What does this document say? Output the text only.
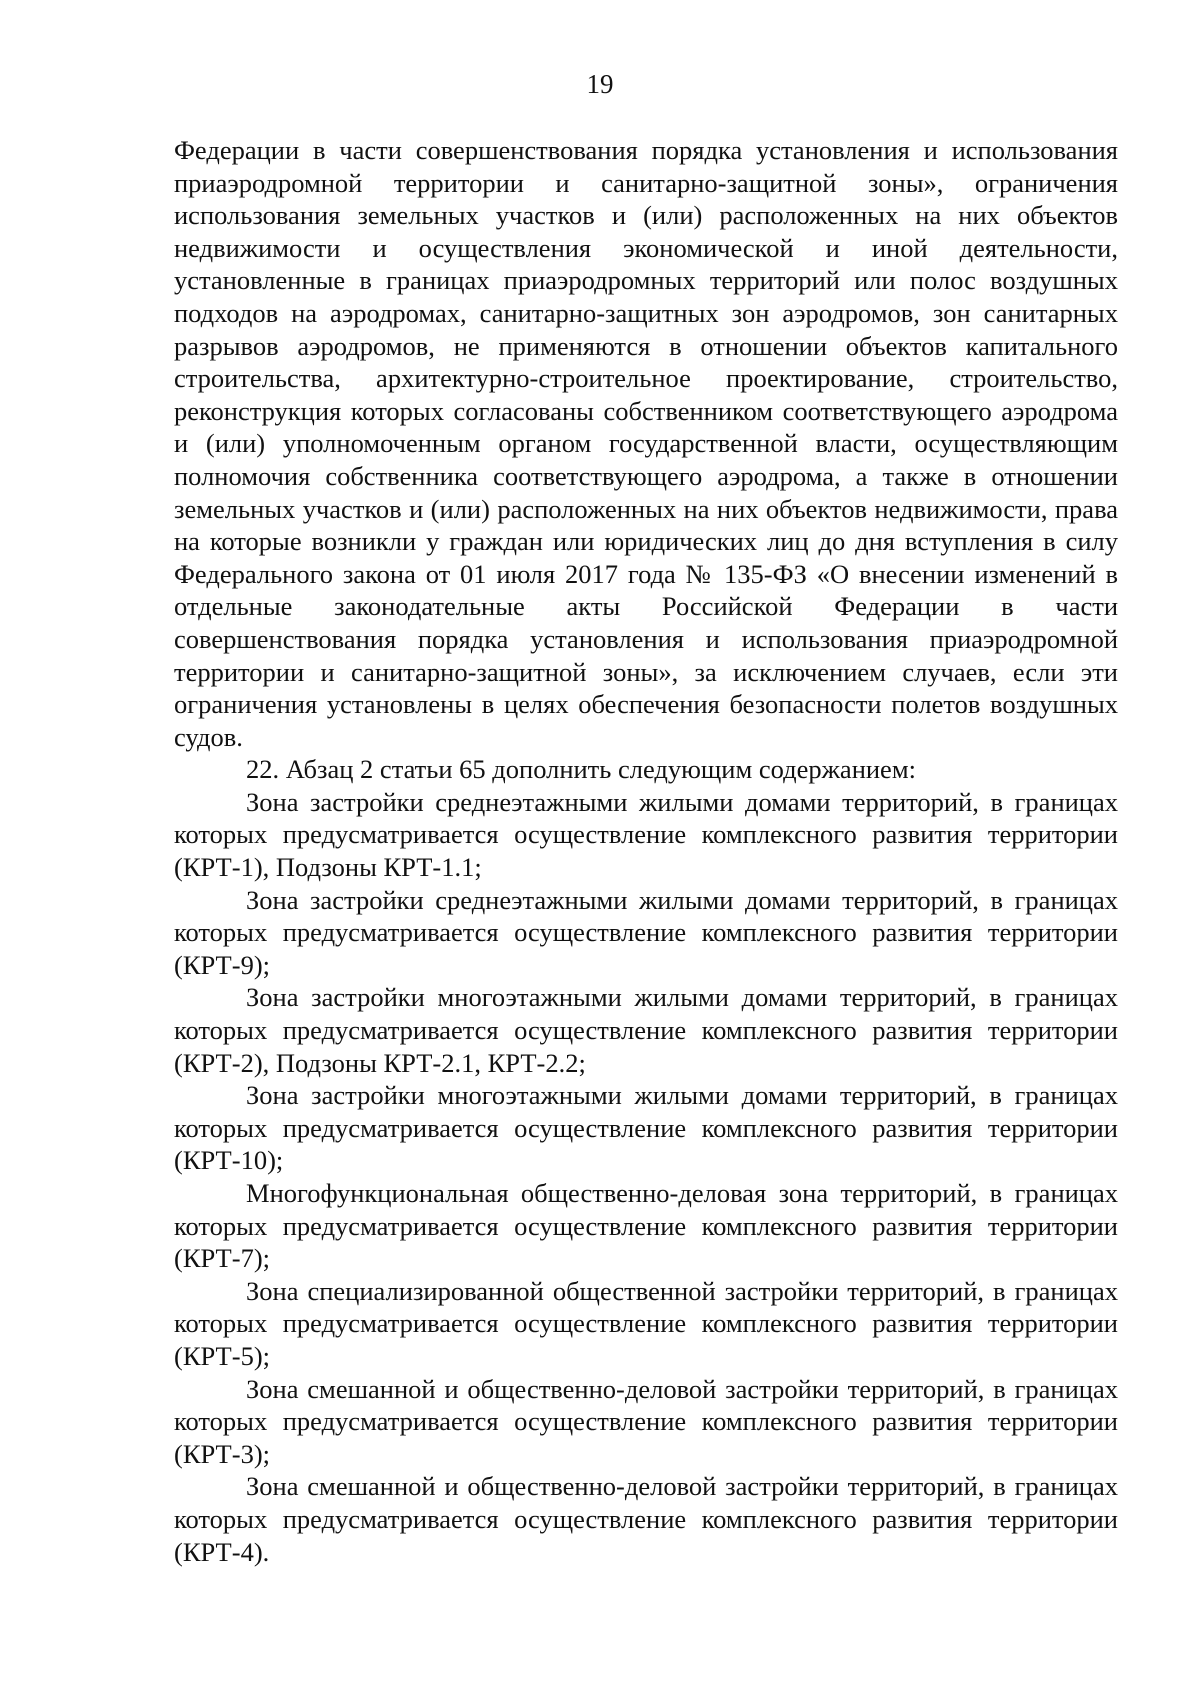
19

Федерации в части совершенствования порядка установления и использования приаэродромной территории и санитарно-защитной зоны», ограничения использования земельных участков и (или) расположенных на них объектов недвижимости и осуществления экономической и иной деятельности, установленные в границах приаэродромных территорий или полос воздушных подходов на аэродромах, санитарно-защитных зон аэродромов, зон санитарных разрывов аэродромов, не применяются в отношении объектов капитального строительства, архитектурно-строительное проектирование, строительство, реконструкция которых согласованы собственником соответствующего аэродрома и (или) уполномоченным органом государственной власти, осуществляющим полномочия собственника соответствующего аэродрома, а также в отношении земельных участков и (или) расположенных на них объектов недвижимости, права на которые возникли у граждан или юридических лиц до дня вступления в силу Федерального закона от 01 июля 2017 года № 135-ФЗ «О внесении изменений в отдельные законодательные акты Российской Федерации в части совершенствования порядка установления и использования приаэродромной территории и санитарно-защитной зоны», за исключением случаев, если эти ограничения установлены в целях обеспечения безопасности полетов воздушных судов.

22. Абзац 2 статьи 65 дополнить следующим содержанием:

Зона застройки среднеэтажными жилыми домами территорий, в границах которых предусматривается осуществление комплексного развития территории (КРТ-1), Подзоны КРТ-1.1;

Зона застройки среднеэтажными жилыми домами территорий, в границах которых предусматривается осуществление комплексного развития территории (КРТ-9);

Зона застройки многоэтажными жилыми домами территорий, в границах которых предусматривается осуществление комплексного развития территории (КРТ-2), Подзоны КРТ-2.1, КРТ-2.2;

Зона застройки многоэтажными жилыми домами территорий, в границах которых предусматривается осуществление комплексного развития территории (КРТ-10);

Многофункциональная общественно-деловая зона территорий, в границах которых предусматривается осуществление комплексного развития территории (КРТ-7);

Зона специализированной общественной застройки территорий, в границах которых предусматривается осуществление комплексного развития территории (КРТ-5);

Зона смешанной и общественно-деловой застройки территорий, в границах которых предусматривается осуществление комплексного развития территории (КРТ-3);

Зона смешанной и общественно-деловой застройки территорий, в границах которых предусматривается осуществление комплексного развития территории (КРТ-4).
